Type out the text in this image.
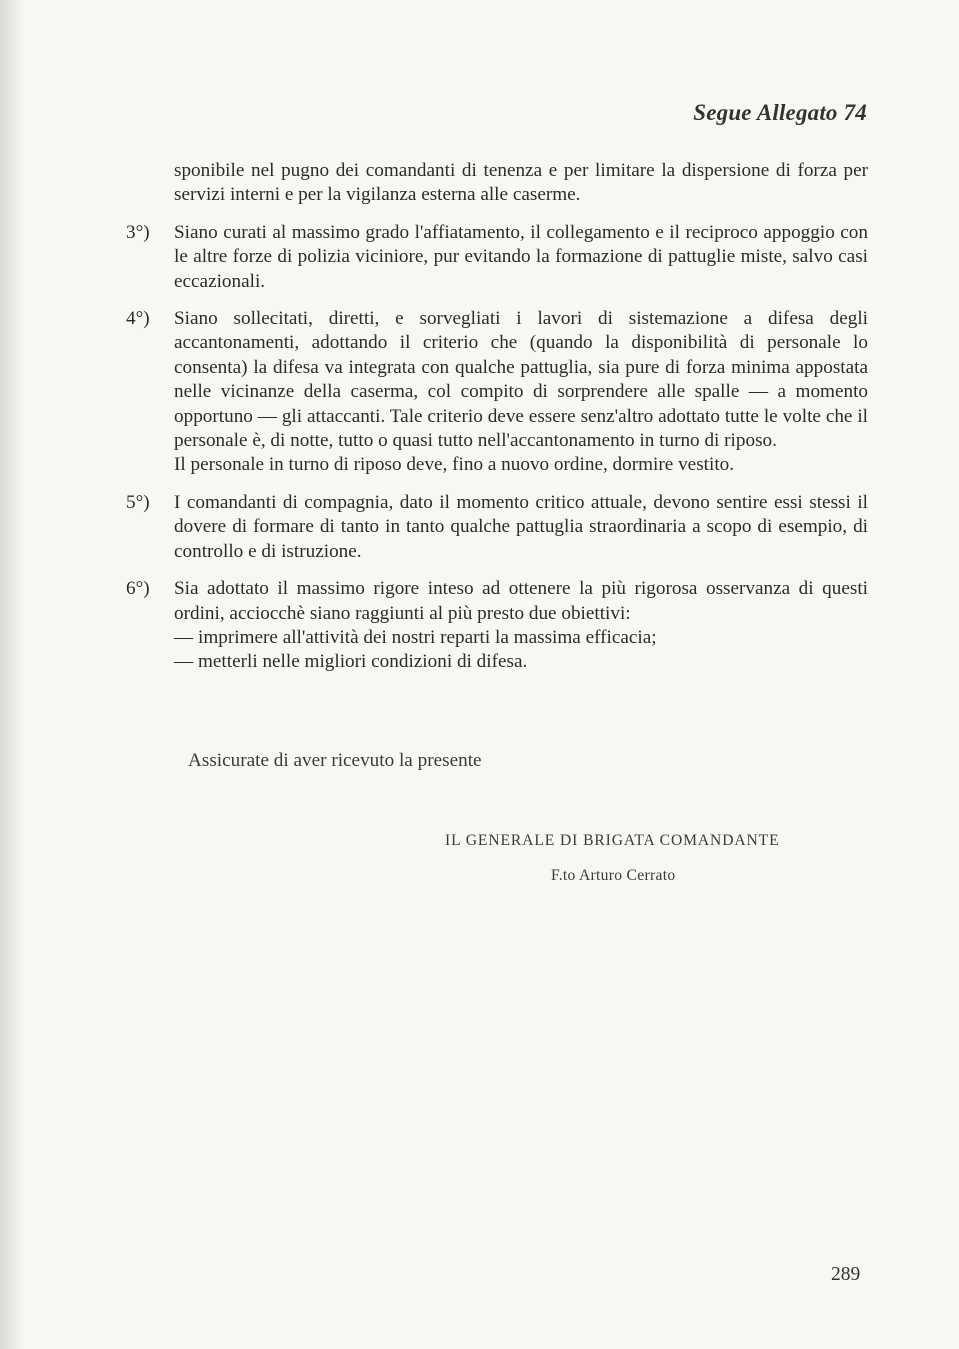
Segue Allegato 74

sponibile nel pugno dei comandanti di tenenza e per limitare la dispersione di forza per servizi interni e per la vigilanza esterna alle caserme.

3°)	Siano curati al massimo grado l'affiatamento, il collegamento e il reciproco appoggio con le altre forze di polizia viciniore, pur evitando la formazione di pattuglie miste, salvo casi eccazionali.
4°)	Siano sollecitati, diretti, e sorvegliati i lavori di sistemazione a difesa degli accantonamenti, adottando il criterio che (quando la disponibilità di personale lo consenta) la difesa va integrata con qualche pattuglia, sia pure di forza minima appostata nelle vicinanze della caserma, col compito di sorprendere alle spalle — a momento opportuno — gli attaccanti. Tale criterio deve essere senz'altro adottato tutte le volte che il personale è, di notte, tutto o quasi tutto nell'accantonamento in turno di riposo.
Il personale in turno di riposo deve, fino a nuovo ordine, dormire vestito.
5°)	I comandanti di compagnia, dato il momento critico attuale, devono sentire essi stessi il dovere di formare di tanto in tanto qualche pattuglia straordinaria a scopo di esempio, di controllo e di istruzione.
6°)	Sia adottato il massimo rigore inteso ad ottenere la più rigorosa osservanza di questi ordini, acciocchè siano raggiunti al più presto due obiettivi:
— imprimere all'attività dei nostri reparti la massima efficacia;
— metterli nelle migliori condizioni di difesa.
Assicurate di aver ricevuto la presente
IL GENERALE DI BRIGATA COMANDANTE
F.to Arturo Cerrato
289
